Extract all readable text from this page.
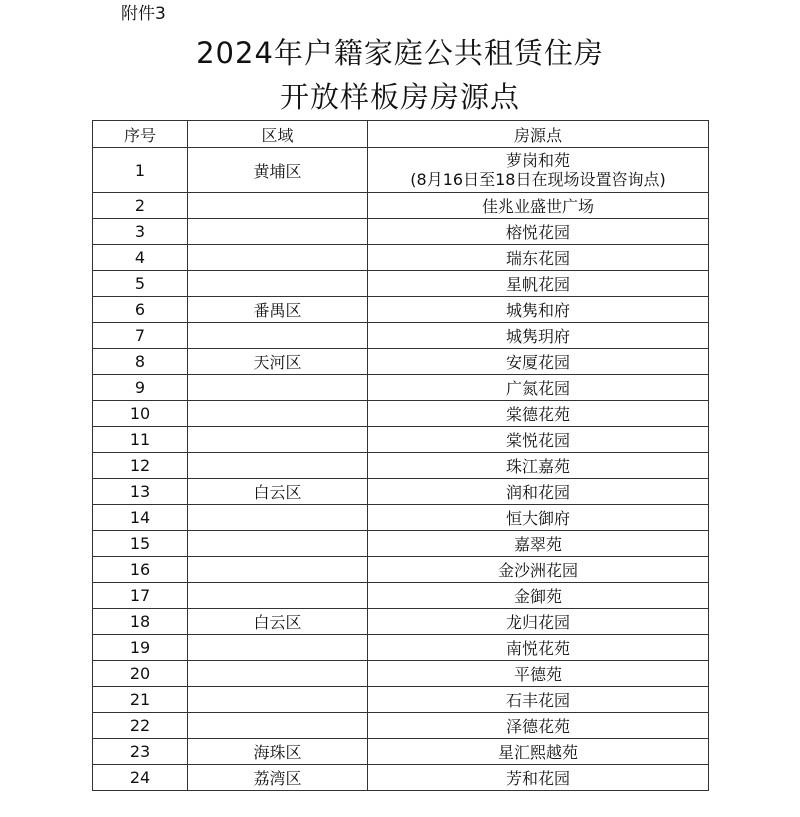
附件3
2024年户籍家庭公共租赁住房
开放样板房房源点
序号	区域	房源点
1	黄埔区	萝岗和苑
(8月16日至18日在现场设置咨询点)

2		佳兆业盛世广场
3		榕悦花园
4		瑞东花园
5		星帆花园
6	番禺区	城隽和府
7		城隽玥府
8	天河区	安厦花园
9		广氮花园
10		棠德花苑
11		棠悦花园
12		珠江嘉苑
13	白云区	润和花园
14		恒大御府
15		嘉翠苑
16		金沙洲花园
17		金御苑
18	白云区	龙归花园
19		南悦花苑
20		平德苑
21		石丰花园
22		泽德花苑
23	海珠区	星汇熙越苑
24	荔湾区	芳和花园
